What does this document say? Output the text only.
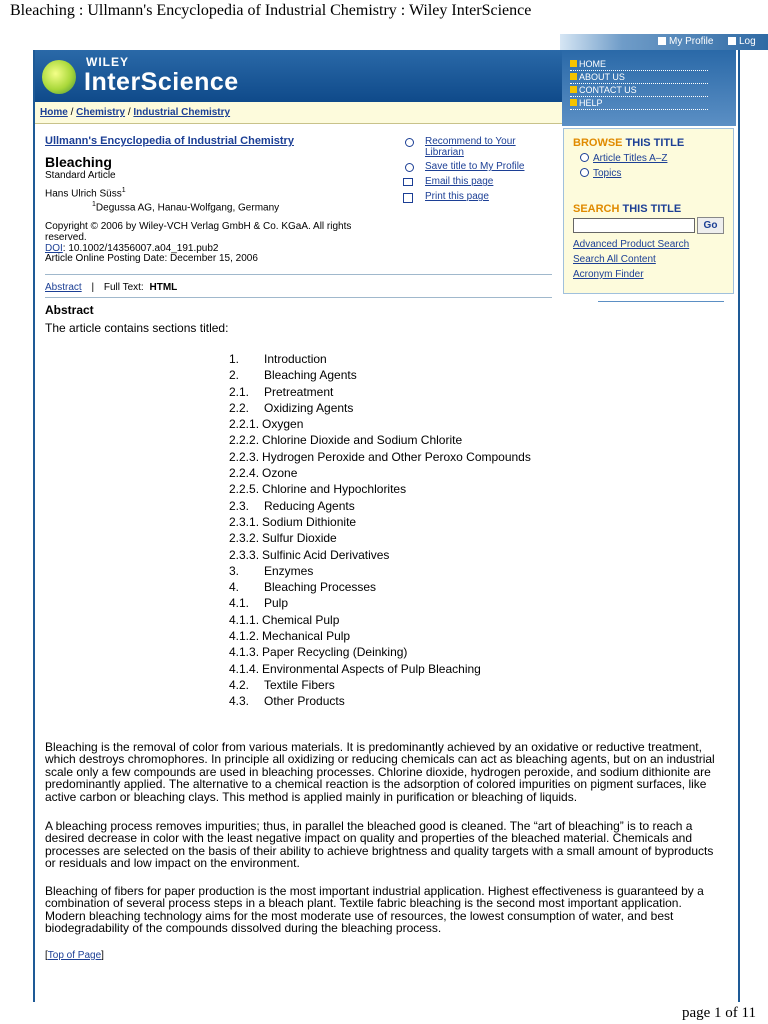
Bleaching : Ullmann's Encyclopedia of Industrial Chemistry : Wiley InterScience
My Profile	Log
WILEY
InterScience
HOME
ABOUT US
CONTACT US
HELP
Home / Chemistry / Industrial Chemistry
BROWSE THIS TITLE
Article Titles A–Z
Topics
SEARCH THIS TITLE
Go
Advanced Product Search
Search All Content
Acronym Finder
Ullmann's Encyclopedia of Industrial Chemistry
Bleaching
Standard Article
Hans Ulrich Süss$^1$
$^1$Degussa AG, Hanau-Wolfgang, Germany
Copyright © 2006 by Wiley-VCH Verlag GmbH & Co. KGaA. All rights reserved.
DOI: 10.1002/14356007.a04_191.pub2
Article Online Posting Date: December 15, 2006
Recommend to Your Librarian
Save title to My Profile
Email this page
Print this page
Abstract | Full Text: HTML
Abstract
The article contains sections titled:
1. Introduction
2. Bleaching Agents
2.1. Pretreatment
2.2. Oxidizing Agents
2.2.1. Oxygen
2.2.2. Chlorine Dioxide and Sodium Chlorite
2.2.3. Hydrogen Peroxide and Other Peroxo Compounds
2.2.4. Ozone
2.2.5. Chlorine and Hypochlorites
2.3. Reducing Agents
2.3.1. Sodium Dithionite
2.3.2. Sulfur Dioxide
2.3.3. Sulfinic Acid Derivatives
3. Enzymes
4. Bleaching Processes
4.1. Pulp
4.1.1. Chemical Pulp
4.1.2. Mechanical Pulp
4.1.3. Paper Recycling (Deinking)
4.1.4. Environmental Aspects of Pulp Bleaching
4.2. Textile Fibers
4.3. Other Products
Bleaching is the removal of color from various materials. It is predominantly achieved by an oxidative or reductive treatment, which destroys chromophores. In principle all oxidizing or reducing chemicals can act as bleaching agents, but on an industrial scale only a few compounds are used in bleaching processes. Chlorine dioxide, hydrogen peroxide, and sodium dithionite are predominantly applied. The alternative to a chemical reaction is the adsorption of colored impurities on pigment surfaces, like active carbon or bleaching clays. This method is applied mainly in purification or bleaching of liquids.
A bleaching process removes impurities; thus, in parallel the bleached good is cleaned. The “art of bleaching” is to reach a desired decrease in color with the least negative impact on quality and properties of the bleached material. Chemicals and processes are selected on the basis of their ability to achieve brightness and quality targets with a small amount of byproducts or residuals and low impact on the environment.
Bleaching of fibers for paper production is the most important industrial application. Highest effectiveness is guaranteed by a combination of several process steps in a bleach plant. Textile fabric bleaching is the second most important application. Modern bleaching technology aims for the most moderate use of resources, the lowest consumption of water, and best biodegradability of the compounds dissolved during the bleaching process.
[Top of Page]
page 1 of 11
